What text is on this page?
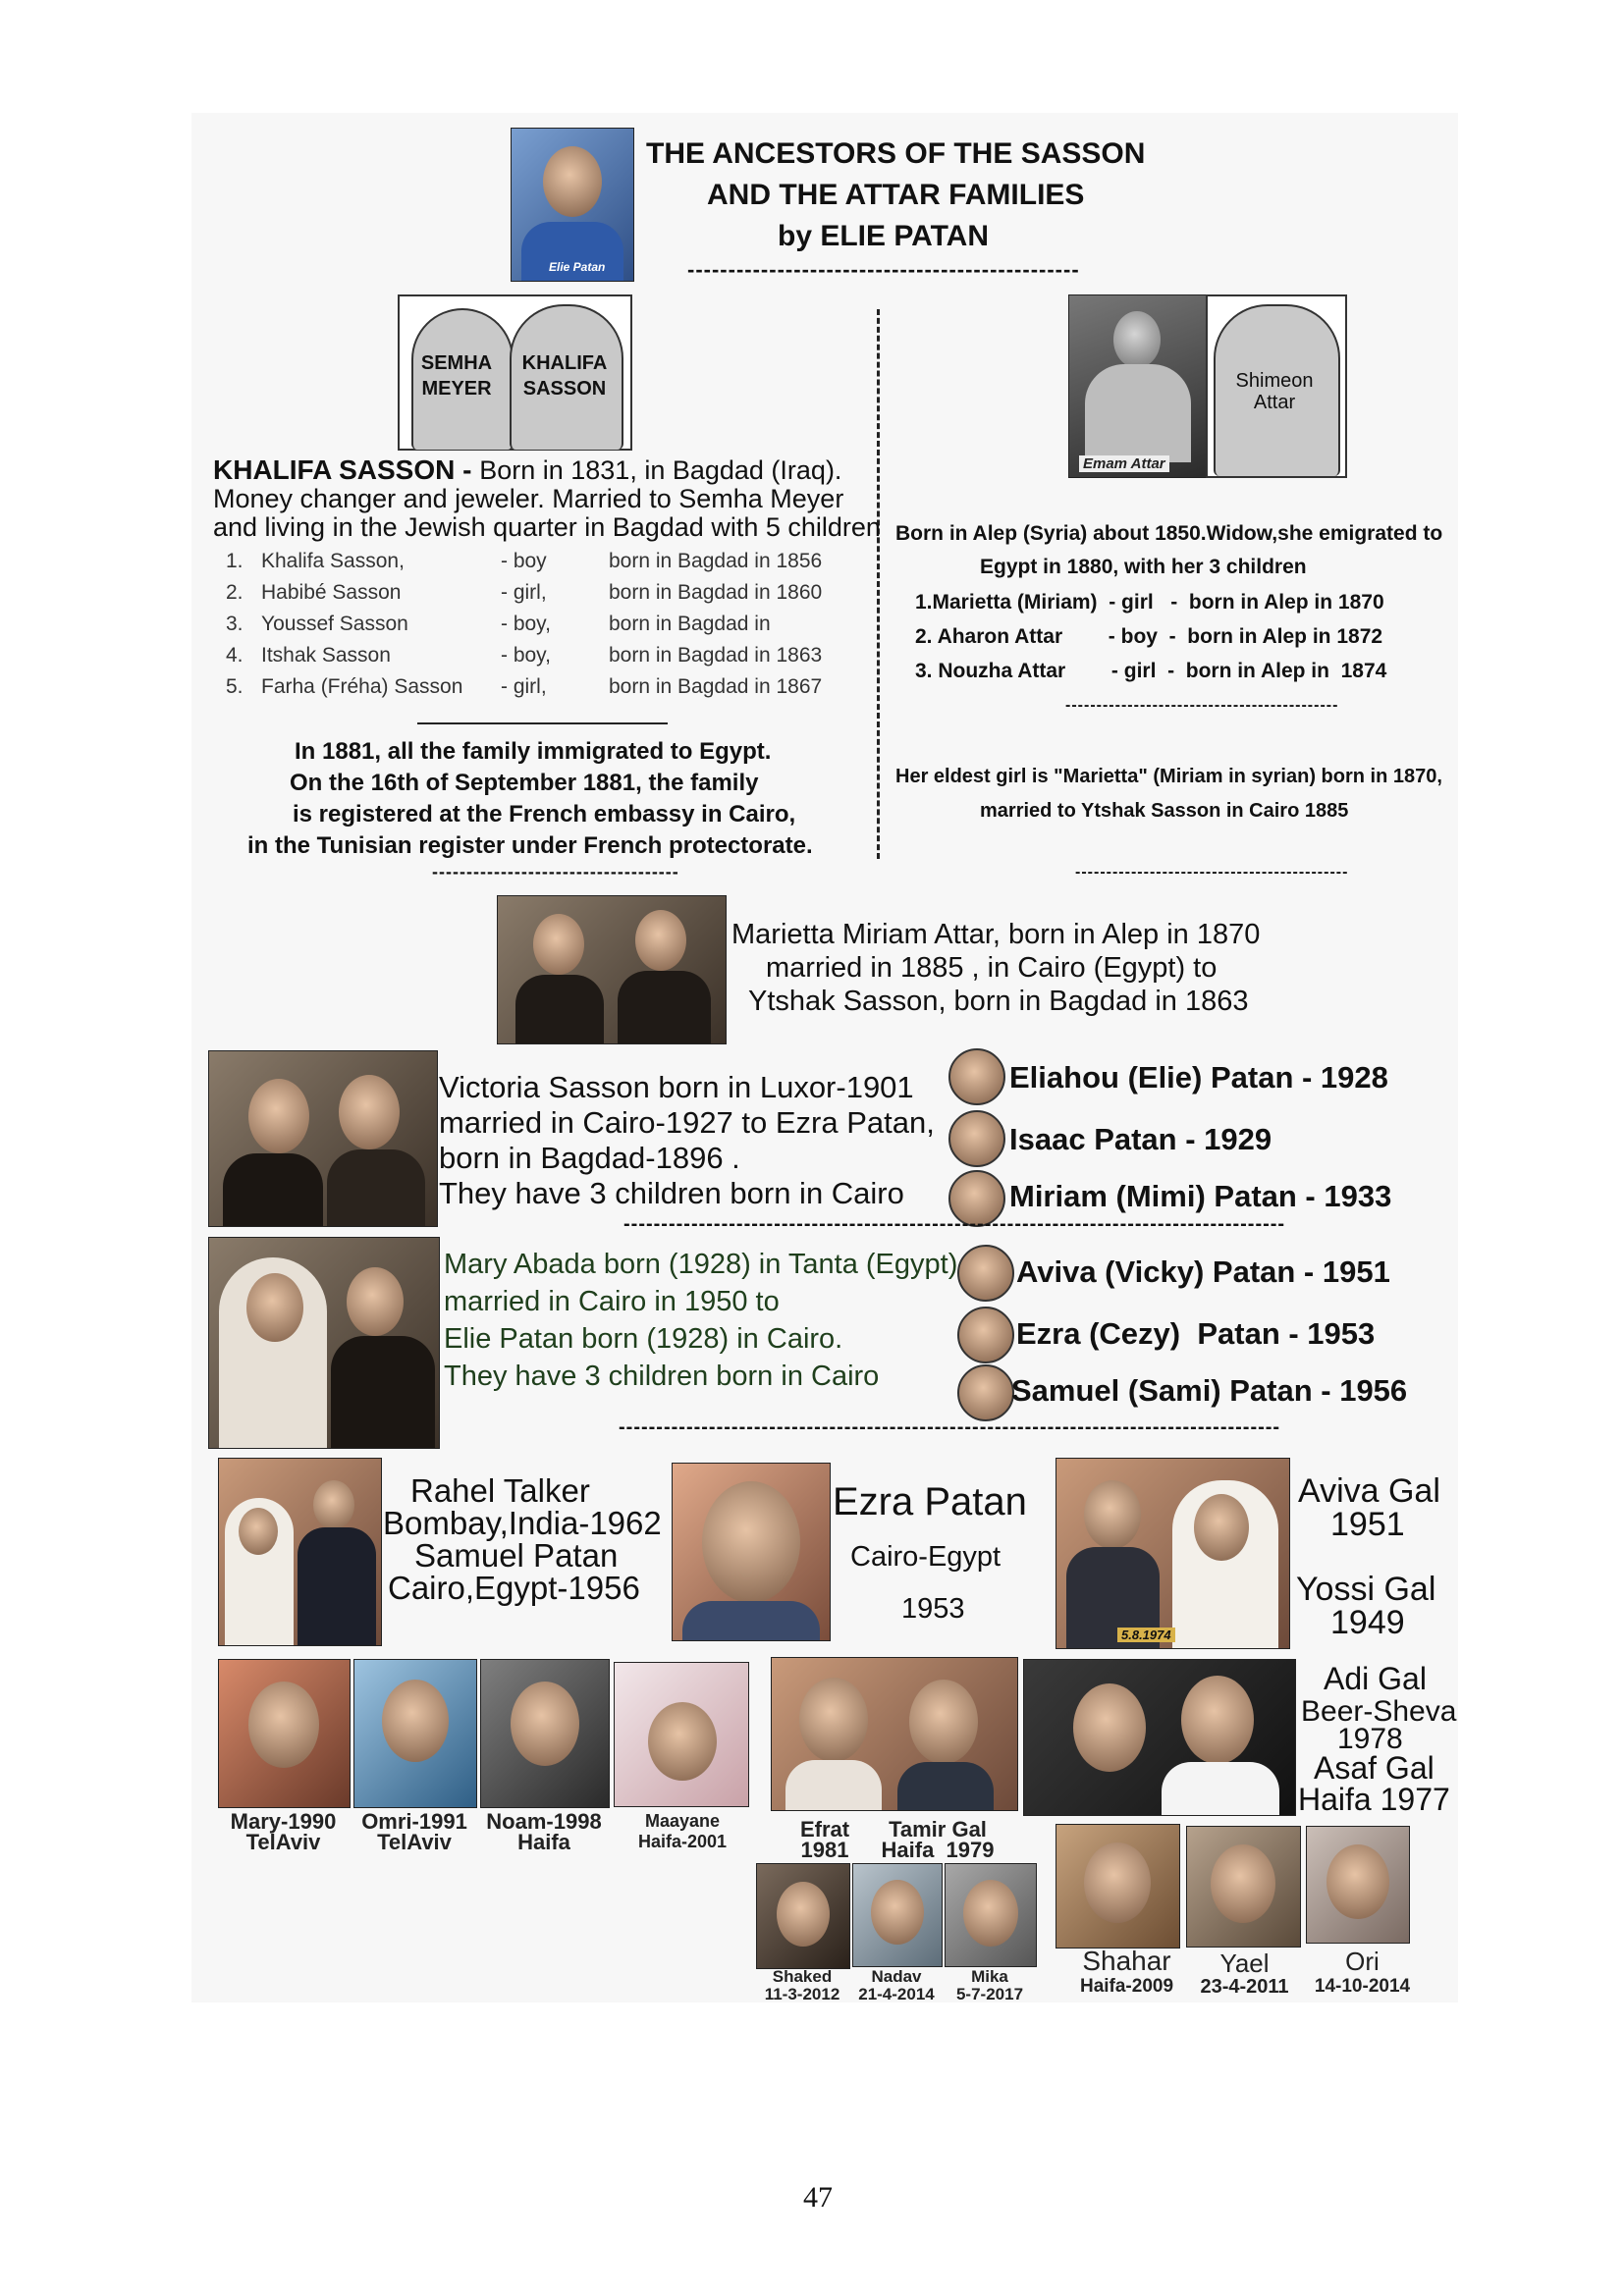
Elie Patan
THE ANCESTORS OF THE SASSON
AND THE ATTAR FAMILIES
by ELIE PATAN
------------------------------------------------
SEMHA MEYER
KHALIFA SASSON
KHALIFA SASSON - Born in 1831, in Bagdad (Iraq).
Money changer and jeweler. Married to Semha Meyer
and living in the Jewish quarter in Bagdad with 5 children
1.	Khalifa Sasson,	- boy	born in Bagdad in 1856
2.	Habibé Sasson	- girl,	born in Bagdad in 1860
3.	Youssef Sasson	- boy,	born in Bagdad in
4.	Itshak Sasson	- boy,	born in Bagdad in 1863
5.	Farha (Fréha) Sasson	- girl,	born in Bagdad in 1867
In 1881, all the family immigrated to Egypt.
On the 16th of September 1881, the family
is registered at the French embassy in Cairo,
in the Tunisian register under French protectorate.
------------------------------------
Emam Attar
Shimeon Attar
Born in Alep (Syria) about 1850.Widow,she emigrated to
Egypt in 1880, with her 3 children
1.Marietta (Miriam)  - girl   -  born in Alep in 1870
2. Aharon Attar        - boy  -  born in Alep in 1872
3. Nouzha Attar        - girl  -  born in Alep in  1874
--------------------------------------------
Her eldest girl is "Marietta" (Miriam in syrian) born in 1870,
married to Ytshak Sasson in Cairo 1885
--------------------------------------------
Marietta Miriam Attar, born in Alep in 1870
married in 1885 , in Cairo (Egypt) to
Ytshak Sasson, born in Bagdad in 1863
Victoria Sasson born in Luxor-1901
married in Cairo-1927 to Ezra Patan,
born in Bagdad-1896 .
They have 3 children born in Cairo
Eliahou (Elie) Patan - 1928
Isaac Patan - 1929
Miriam (Mimi) Patan - 1933
----------------------------------------------------------------------------------------
Mary Abada born (1928) in Tanta (Egypt)
married in Cairo in 1950 to
Elie Patan born (1928) in Cairo.
They have 3 children born in Cairo
Aviva (Vicky) Patan - 1951
Ezra (Cezy)  Patan - 1953
Samuel (Sami) Patan - 1956
----------------------------------------------------------------------------------------
Rahel Talker
Bombay,India-1962
Samuel Patan
Cairo,Egypt-1956
Ezra Patan
Cairo-Egypt
1953
5.8.1974
Aviva Gal
1951
Yossi Gal
1949
Mary-1990
TelAviv
Omri-1991
TelAviv
Noam-1998
Haifa
Maayane
Haifa-2001	Efrat
1981
Tamir Gal
Haifa  1979
Adi Gal
Beer-Sheva
1978
Asaf Gal
Haifa 1977
Shaked
11-3-2012
Nadav
21-4-2014
Mika
5-7-2017
Shahar
Haifa-2009
Yael
23-4-2011
Ori
14-10-2014
47
